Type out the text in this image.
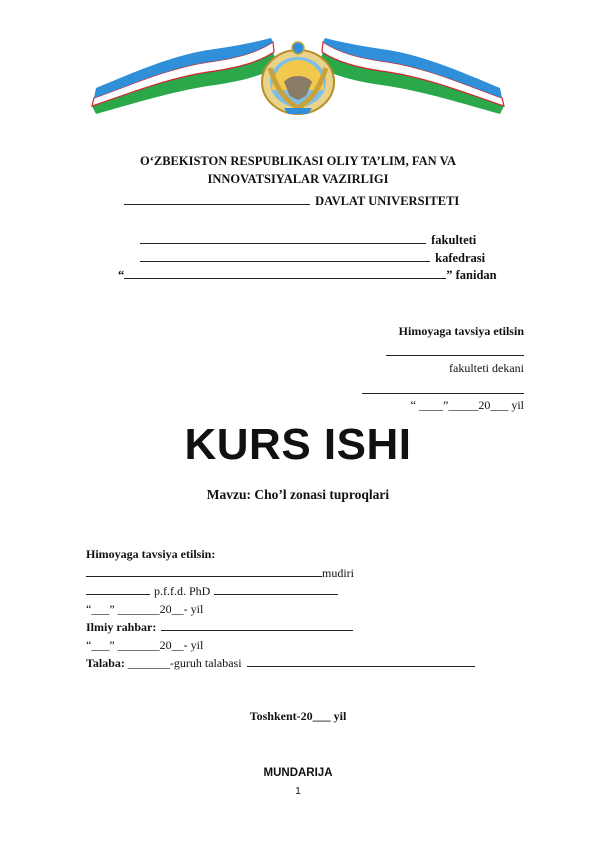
O‘ZBEKISTON RESPUBLIKASI OLIY TA’LIM, FAN VA
INNOVATSIYALAR VAZIRLIGI
DAVLAT UNIVERSITETI
fakulteti
kafedrasi
“	” fanidan
Himoyaga tavsiya etilsin
fakulteti dekani
“ ____”_____20___ yil
KURS ISHI
Mavzu: Cho’l zonasi tuproqlari
Himoyaga tavsiya etilsin:
mudiri
p.f.f.d. PhD
“___” _______20__- yil
Ilmiy rahbar:
“___” _______20__- yil
Talaba: _______-guruh talabasi
Toshkent-20___ yil
MUNDARIJA
1
